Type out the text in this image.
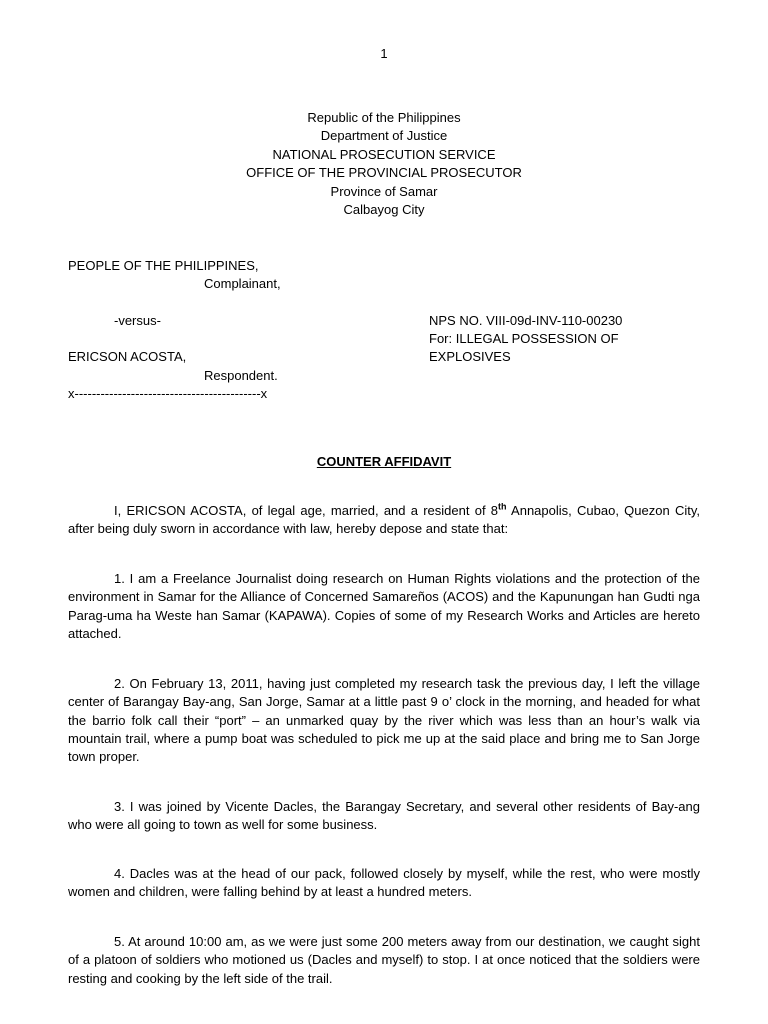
1
Republic of the Philippines
Department of Justice
NATIONAL PROSECUTION SERVICE
OFFICE OF THE PROVINCIAL PROSECUTOR
Province of Samar
Calbayog City
PEOPLE OF THE PHILIPPINES,
Complainant,
-versus-
ERICSON ACOSTA,
Respondent.
x-------------------------------------------x
NPS NO. VIII-09d-INV-110-00230
For: ILLEGAL POSSESSION OF
EXPLOSIVES
COUNTER AFFIDAVIT
I, ERICSON ACOSTA, of legal age, married, and a resident of 8th Annapolis, Cubao, Quezon City, after being duly sworn in accordance with law, hereby depose and state that:
1. I am a Freelance Journalist doing research on Human Rights violations and the protection of the environment in Samar for the Alliance of Concerned Samareños (ACOS) and the Kapunungan han Gudti nga Parag-uma ha Weste han Samar (KAPAWA). Copies of some of my Research Works and Articles are hereto attached.
2. On February 13, 2011, having just completed my research task the previous day, I left the village center of Barangay Bay-ang, San Jorge, Samar at a little past 9 o’ clock in the morning, and headed for what the barrio folk call their “port” – an unmarked quay by the river which was less than an hour’s walk via mountain trail, where a pump boat was scheduled to pick me up at the said place and bring me to San Jorge town proper.
3. I was joined by Vicente Dacles, the Barangay Secretary, and several other residents of Bay-ang who were all going to town as well for some business.
4. Dacles was at the head of our pack, followed closely by myself, while the rest, who were mostly women and children, were falling behind by at least a hundred meters.
5. At around 10:00 am, as we were just some 200 meters away from our destination, we caught sight of a platoon of soldiers who motioned us (Dacles and myself) to stop. I at once noticed that the soldiers were resting and cooking by the left side of the trail.
